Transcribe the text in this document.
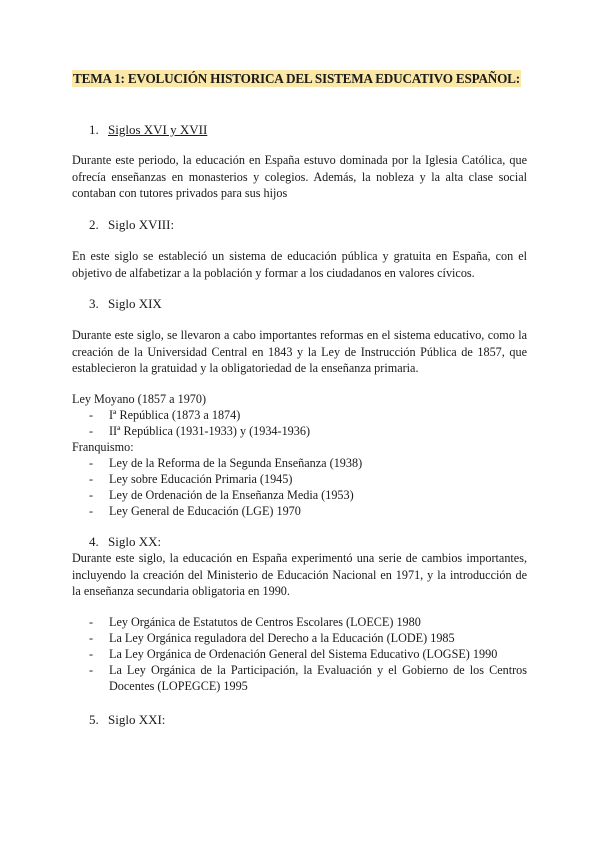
TEMA 1: EVOLUCIÓN HISTORICA DEL SISTEMA EDUCATIVO ESPAÑOL:
1. Siglos XVI y XVII
Durante este periodo, la educación en España estuvo dominada por la Iglesia Católica, que ofrecía enseñanzas en monasterios y colegios. Además, la nobleza y la alta clase social contaban con tutores privados para sus hijos
2. Siglo XVIII:
En este siglo se estableció un sistema de educación pública y gratuita en España, con el objetivo de alfabetizar a la población y formar a los ciudadanos en valores cívicos.
3. Siglo XIX
Durante este siglo, se llevaron a cabo importantes reformas en el sistema educativo, como la creación de la Universidad Central en 1843 y la Ley de Instrucción Pública de 1857, que establecieron la gratuidad y la obligatoriedad de la enseñanza primaria.
Ley Moyano (1857 a 1970)
- Iª República (1873 a 1874)
- IIª República (1931-1933) y (1934-1936)
Franquismo:
- Ley de la Reforma de la Segunda Enseñanza (1938)
- Ley sobre Educación Primaria (1945)
- Ley de Ordenación de la Enseñanza Media (1953)
- Ley General de Educación (LGE) 1970
4. Siglo XX:
Durante este siglo, la educación en España experimentó una serie de cambios importantes, incluyendo la creación del Ministerio de Educación Nacional en 1971, y la introducción de la enseñanza secundaria obligatoria en 1990.
- Ley Orgánica de Estatutos de Centros Escolares (LOECE) 1980
- La Ley Orgánica reguladora del Derecho a la Educación (LODE) 1985
- La Ley Orgánica de Ordenación General del Sistema Educativo (LOGSE) 1990
- La Ley Orgánica de la Participación, la Evaluación y el Gobierno de los Centros Docentes (LOPEGCE) 1995
5. Siglo XXI:
